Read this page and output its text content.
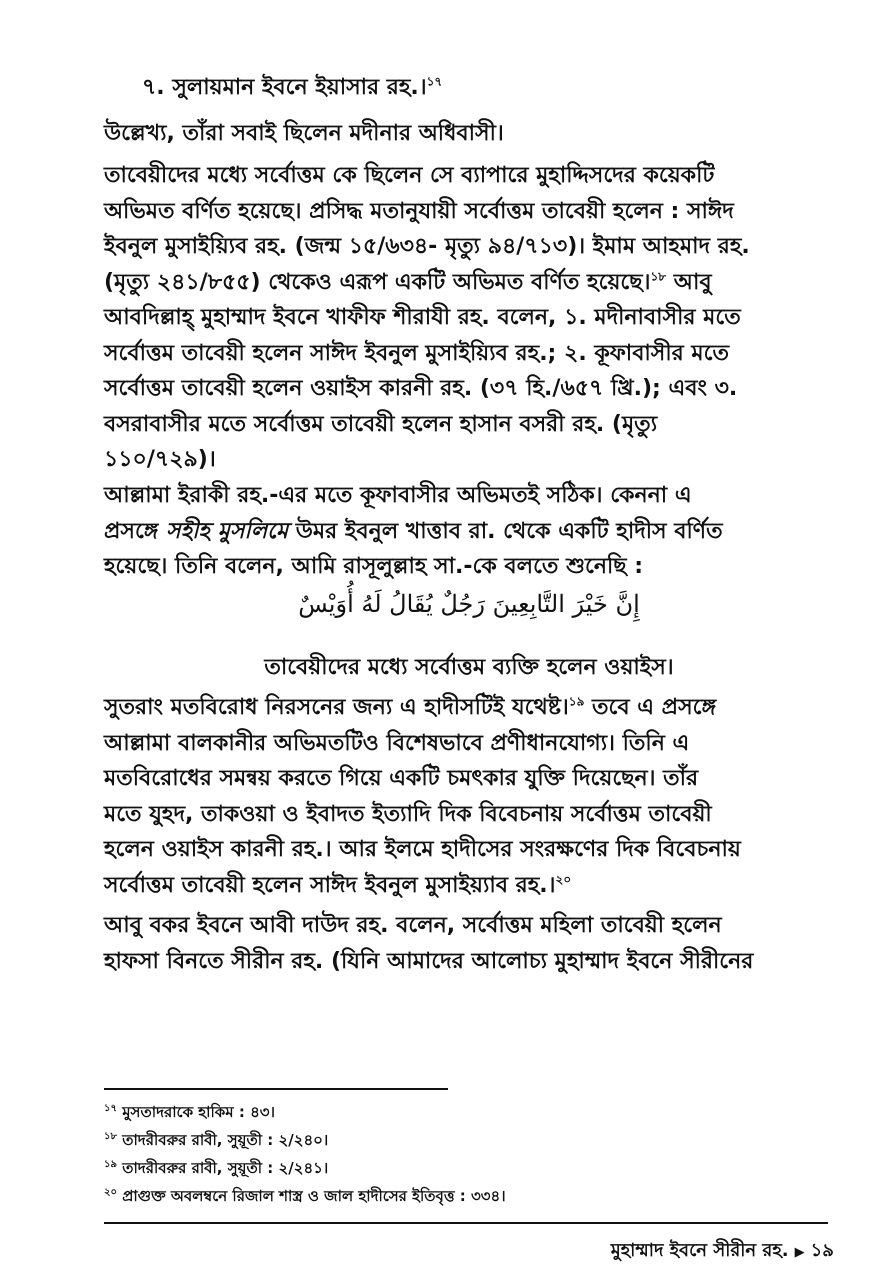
৭. সুলায়মান ইবনে ইয়াসার রহ.।$^{১৭}$
উল্লেখ্য, তাঁরা সবাই ছিলেন মদীনার অধিবাসী।
তাবেয়ীদের মধ্যে সর্বোত্তম কে ছিলেন সে ব্যাপারে মুহাদ্দিসদের কয়েকটি
অভিমত বর্ণিত হয়েছে। প্রসিদ্ধ মতানুযায়ী সর্বোত্তম তাবেয়ী হলেন : সাঈদ
ইবনুল মুসাইয়্যিব রহ. (জন্ম ১৫/৬৩৪- মৃত্যু ৯৪/৭১৩)। ইমাম আহমাদ রহ.
(মৃত্যু ২৪১/৮৫৫) থেকেও এরূপ একটি অভিমত বর্ণিত হয়েছে।$^{১৮}$ আবু
আবদিল্লাহ্ মুহাম্মাদ ইবনে খাফীফ শীরাযী রহ. বলেন, ১. মদীনাবাসীর মতে
সর্বোত্তম তাবেয়ী হলেন সাঈদ ইবনুল মুসাইয়্যিব রহ.; ২. কূফাবাসীর মতে
সর্বোত্তম তাবেয়ী হলেন ওয়াইস কারনী রহ. (৩৭ হি./৬৫৭ খ্রি.); এবং ৩.
বসরাবাসীর মতে সর্বোত্তম তাবেয়ী হলেন হাসান বসরী রহ. (মৃত্যু
১১০/৭২৯)।
আল্লামা ইরাকী রহ.-এর মতে কূফাবাসীর অভিমতই সঠিক। কেননা এ
প্রসঙ্গে সহীহ মুসলিমে উমর ইবনুল খাত্তাব রা. থেকে একটি হাদীস বর্ণিত
হয়েছে। তিনি বলেন, আমি রাসূলুল্লাহ সা.-কে বলতে শুনেছি :
إِنَّ خَيْرَ التَّابِعِينَ رَجُلٌ يُقَالُ لَهُ أُوَيْسٌ
তাবেয়ীদের মধ্যে সর্বোত্তম ব্যক্তি হলেন ওয়াইস।
সুতরাং মতবিরোধ নিরসনের জন্য এ হাদীসটিই যথেষ্ট।$^{১৯}$ তবে এ প্রসঙ্গে
আল্লামা বালকানীর অভিমতটিও বিশেষভাবে প্রণীধানযোগ্য। তিনি এ
মতবিরোধের সমন্বয় করতে গিয়ে একটি চমৎকার যুক্তি দিয়েছেন। তাঁর
মতে যুহদ, তাকওয়া ও ইবাদত ইত্যাদি দিক বিবেচনায় সর্বোত্তম তাবেয়ী
হলেন ওয়াইস কারনী রহ.। আর ইলমে হাদীসের সংরক্ষণের দিক বিবেচনায়
সর্বোত্তম তাবেয়ী হলেন সাঈদ ইবনুল মুসাইয়্যাব রহ.।$^{২০}$
আবু বকর ইবনে আবী দাউদ রহ. বলেন, সর্বোত্তম মহিলা তাবেয়ী হলেন
হাফসা বিনতে সীরীন রহ. (যিনি আমাদের আলোচ্য মুহাম্মাদ ইবনে সীরীনের
$^{১৭}$ মুসতাদরাকে হাকিম : ৪৩।
$^{১৮}$ তাদরীবরুর রাবী, সুয়ূতী : ২/২৪০।
$^{১৯}$ তাদরীবরুর রাবী, সুয়ূতী : ২/২৪১।
$^{২০}$ প্রাগুক্ত অবলম্বনে রিজাল শাস্ত্র ও জাল হাদীসের ইতিবৃত্ত : ৩৩৪।
মুহাম্মাদ ইবনে সীরীন রহ. ▶ ১৯
